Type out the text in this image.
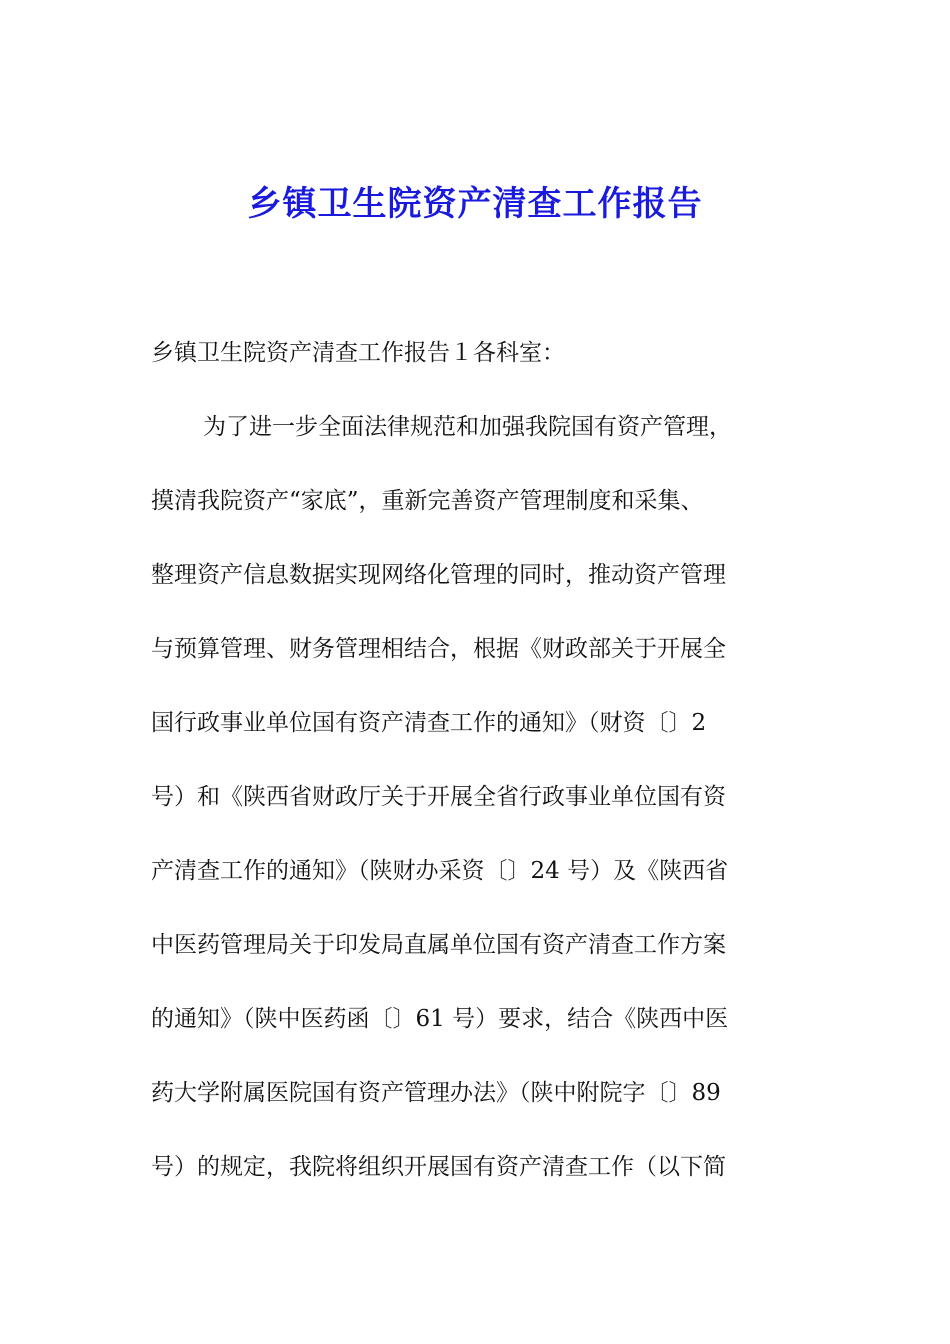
乡镇卫生院资产清查工作报告
乡镇卫生院资产清查工作报告１各科室：
为了进一步全面法律规范和加强我院国有资产管理，
摸清我院资产“家底”，重新完善资产管理制度和采集、
整理资产信息数据实现网络化管理的同时，推动资产管理
与预算管理、财务管理相结合，根据《财政部关于开展全
国行政事业单位国有资产清查工作的通知》（财资〔〕2
号）和《陕西省财政厅关于开展全省行政事业单位国有资
产清查工作的通知》（陕财办采资〔〕24 号）及《陕西省
中医药管理局关于印发局直属单位国有资产清查工作方案
的通知》（陕中医药函〔〕61 号）要求，结合《陕西中医
药大学附属医院国有资产管理办法》（陕中附院字〔〕89
号）的规定，我院将组织开展国有资产清查工作（以下简
